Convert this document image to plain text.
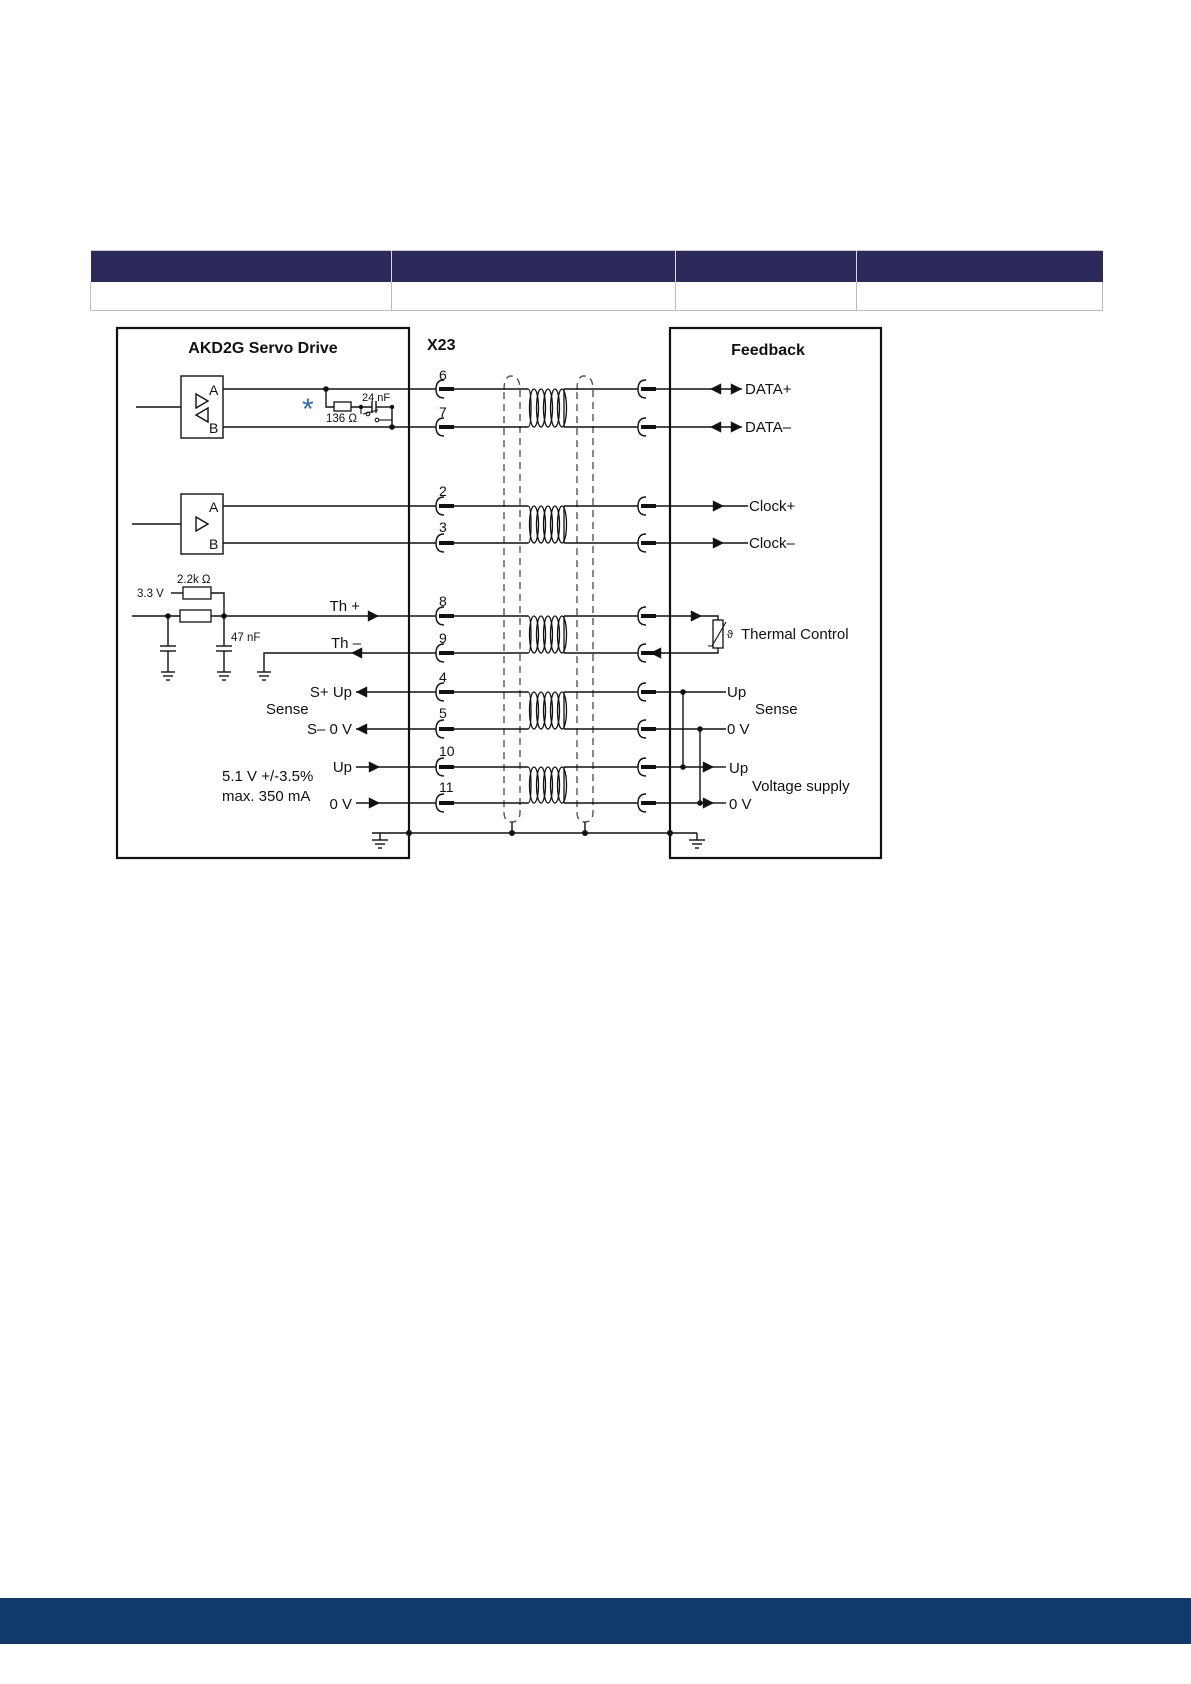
AKD2G Servo Drive	X23	Feedback
A
B
A
B
*	24 nF
136 Ω
2.2k Ω
3.3 V
47 nF
Th +
Th –
S+ Up
Sense
S– 0 V
5.1 V +/-3.5%
max. 350 mA
Up
0 V
6
7
2
3
8
9
4
5
10
11
DATA+
DATA–
Clock+
Clock–
ϑ Thermal Control
Up
Sense
0 V
Up
Voltage supply
0 V
